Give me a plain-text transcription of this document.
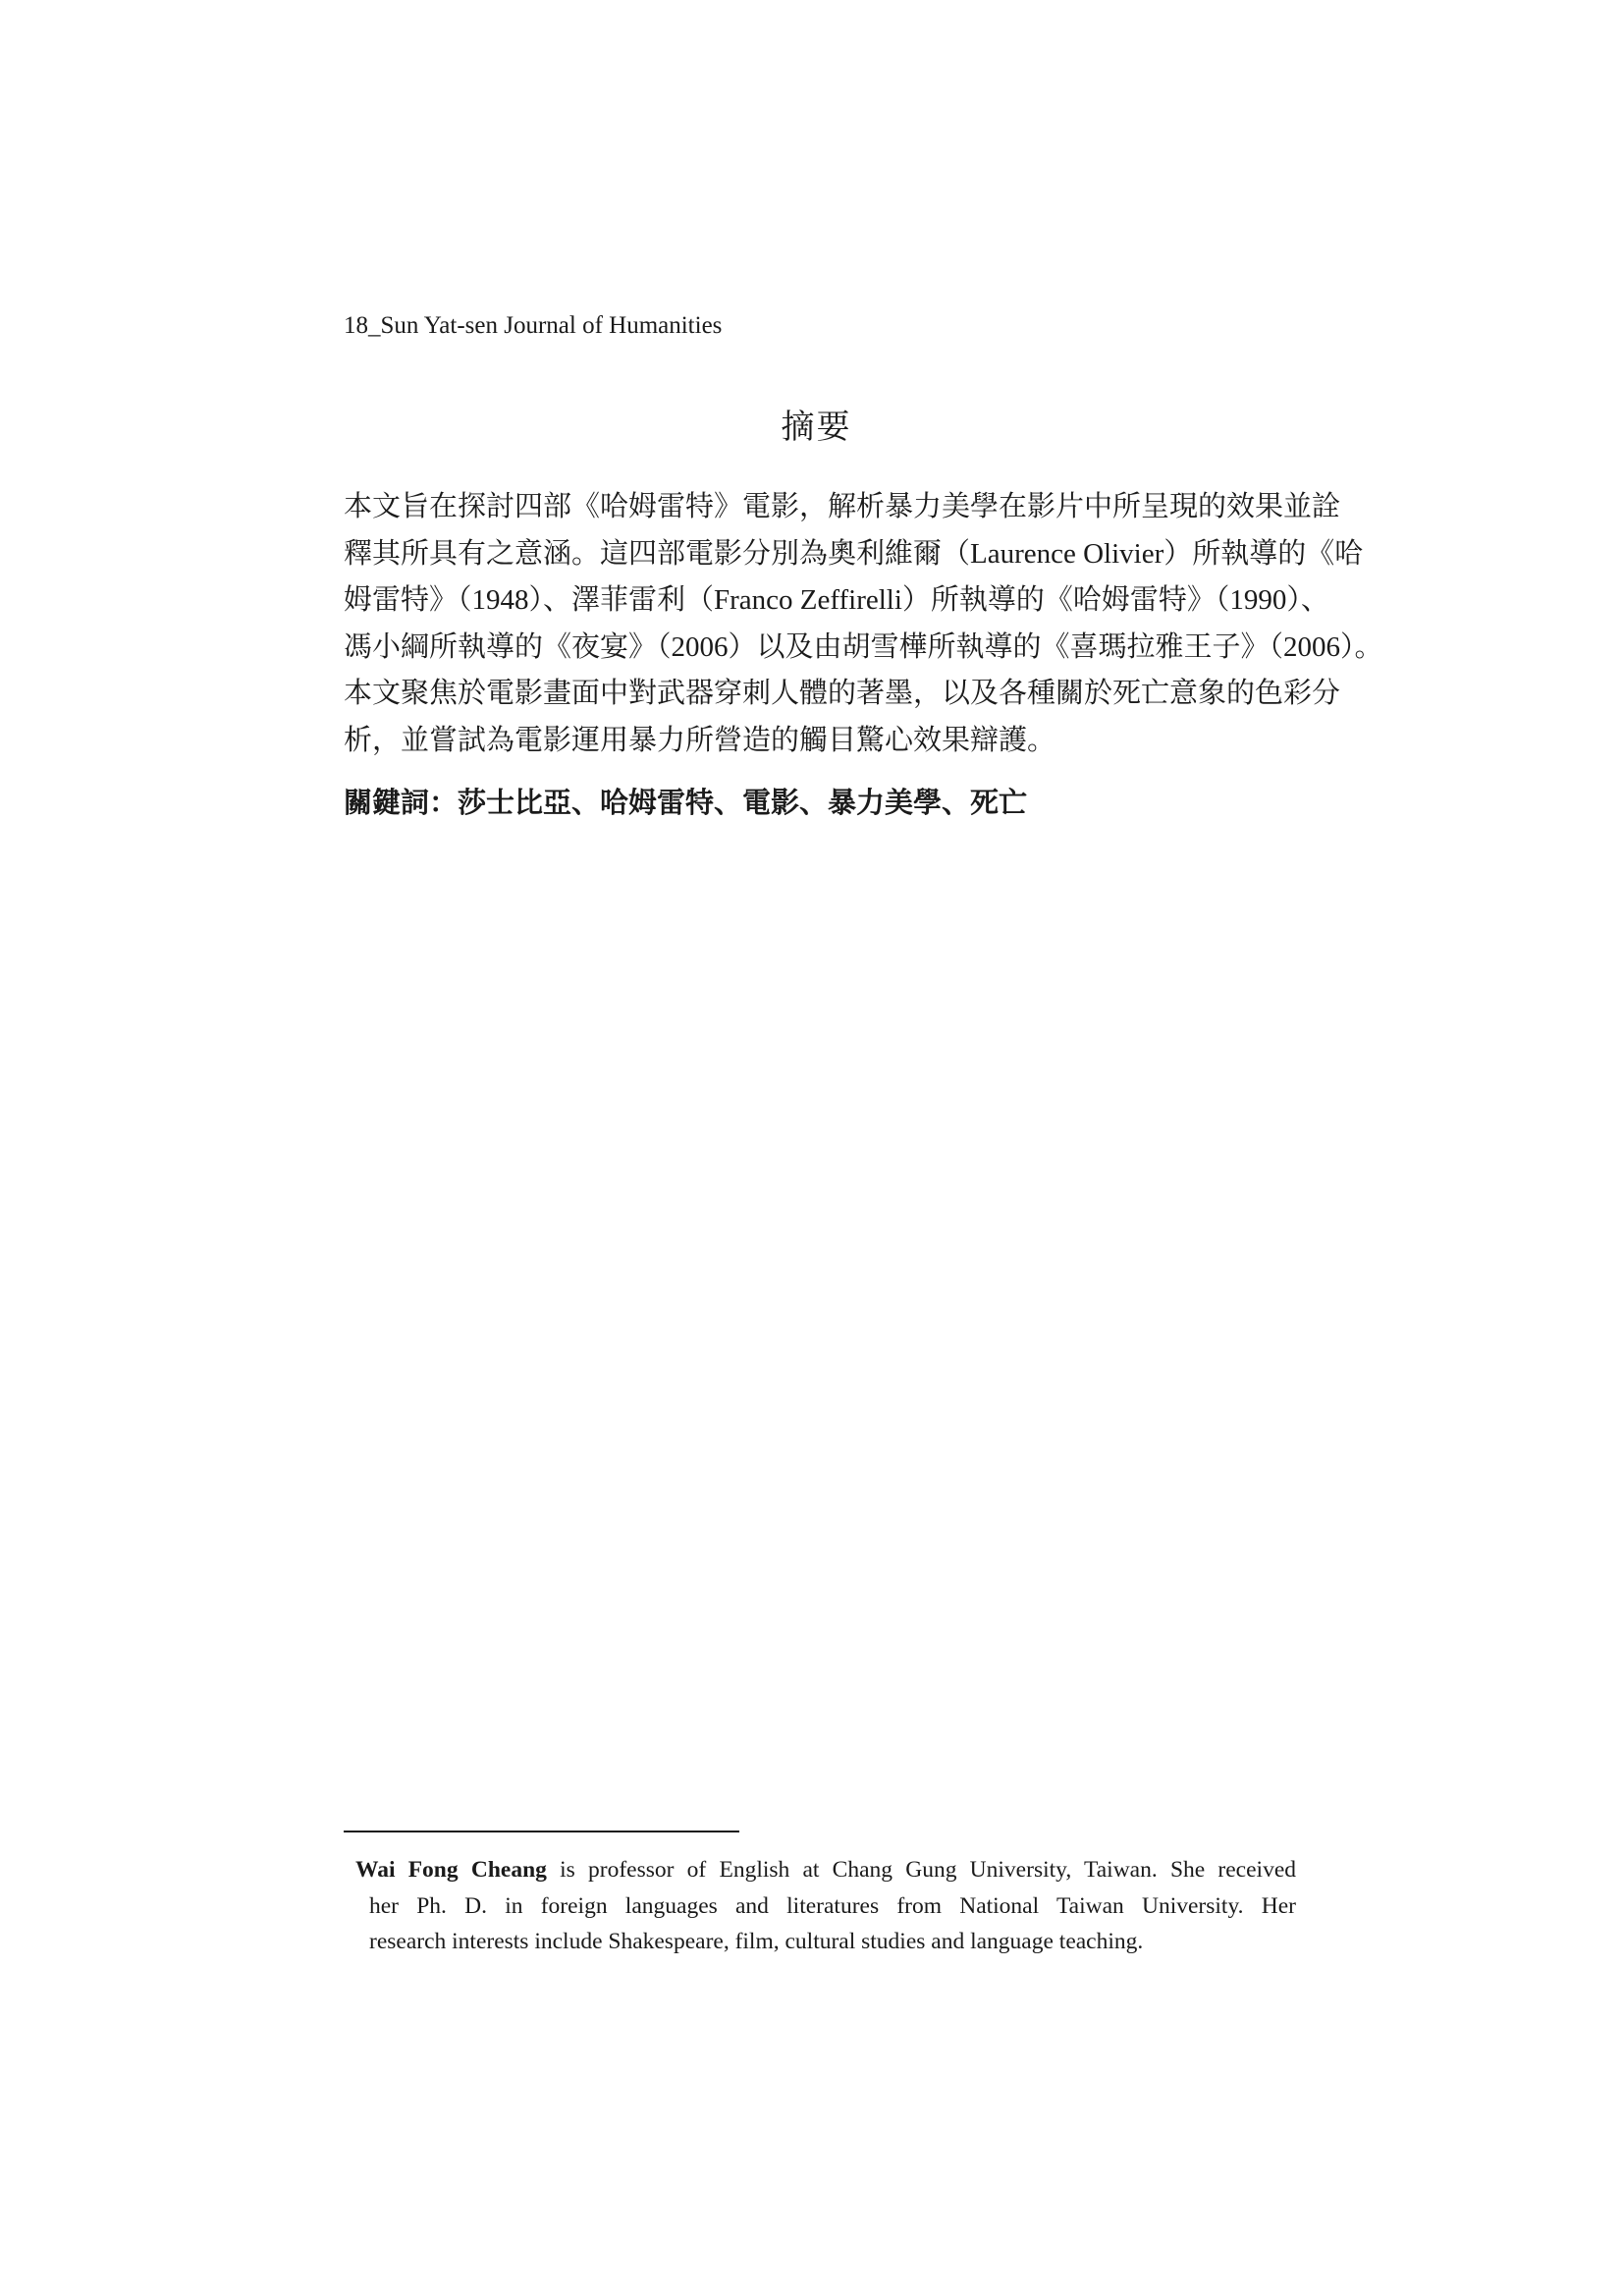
18_Sun Yat-sen Journal of Humanities
摘要
本文旨在探討四部《哈姆雷特》電影，解析暴力美學在影片中所呈現的效果並詮
釋其所具有之意涵。這四部電影分別為奧利維爾（Laurence Olivier）所執導的《哈
姆雷特》（1948）、澤菲雷利（Franco Zeffirelli）所執導的《哈姆雷特》（1990）、
馮小綱所執導的《夜宴》（2006）以及由胡雪樺所執導的《喜瑪拉雅王子》（2006）。
本文聚焦於電影畫面中對武器穿刺人體的著墨，以及各種關於死亡意象的色彩分
析，並嘗試為電影運用暴力所營造的觸目驚心效果辯護。
關鍵詞：莎士比亞、哈姆雷特、電影、暴力美學、死亡
Wai Fong Cheang is professor of English at Chang Gung University, Taiwan. She received
her Ph. D. in foreign languages and literatures from National Taiwan University. Her
research interests include Shakespeare, film, cultural studies and language teaching.
